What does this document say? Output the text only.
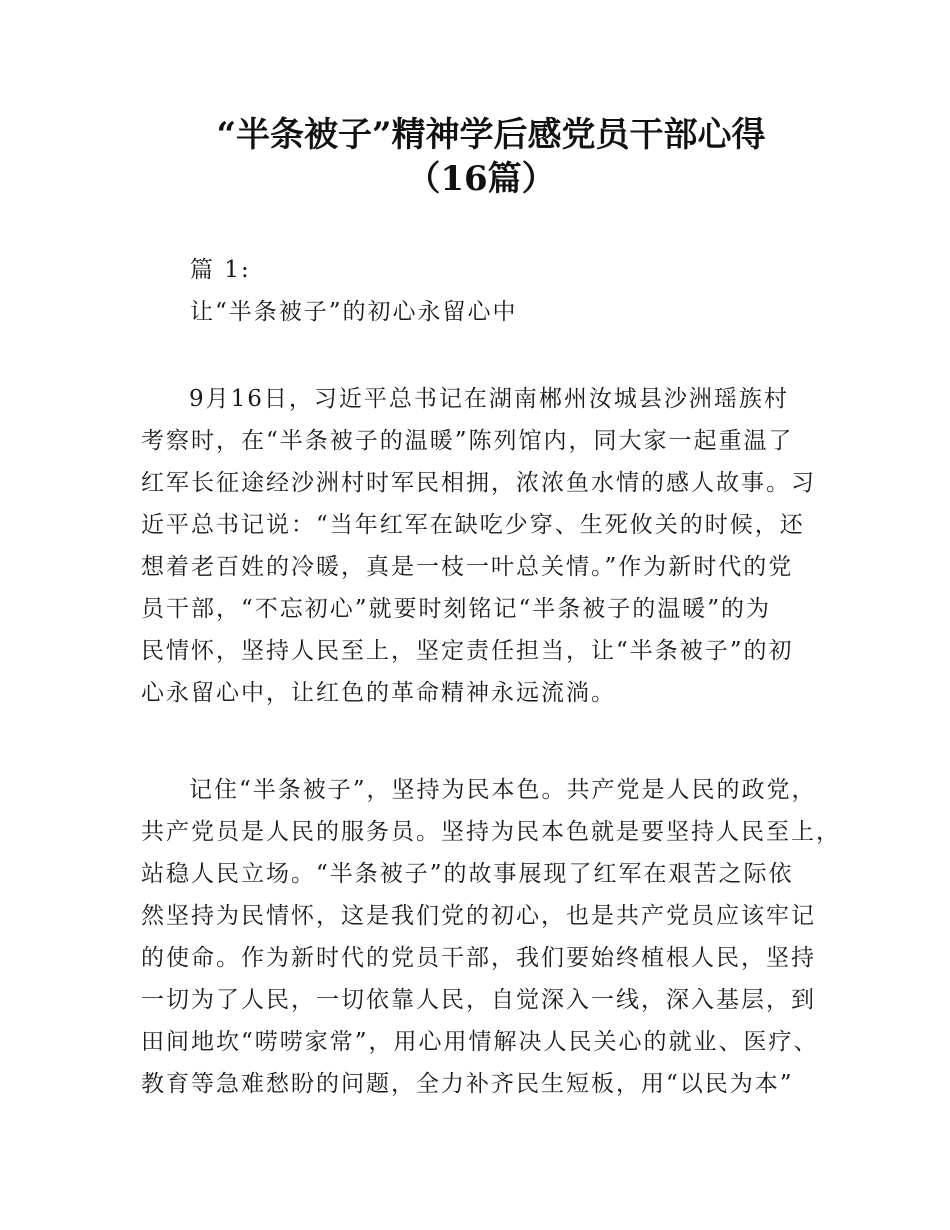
“半条被子”精神学后感党员干部心得
（16篇）
篇 1:
让“半条被子”的初心永留心中
9月16日，习近平总书记在湖南郴州汝城县沙洲瑶族村
考察时，在“半条被子的温暖”陈列馆内，同大家一起重温了
红军长征途经沙洲村时军民相拥，浓浓鱼水情的感人故事。习
近平总书记说：“当年红军在缺吃少穿、生死攸关的时候，还
想着老百姓的冷暖，真是一枝一叶总关情。”作为新时代的党
员干部，“不忘初心”就要时刻铭记“半条被子的温暖”的为
民情怀，坚持人民至上，坚定责任担当，让“半条被子”的初
心永留心中，让红色的革命精神永远流淌。
记住“半条被子”，坚持为民本色。共产党是人民的政党，
共产党员是人民的服务员。坚持为民本色就是要坚持人民至上，
站稳人民立场。“半条被子”的故事展现了红军在艰苦之际依
然坚持为民情怀，这是我们党的初心，也是共产党员应该牢记
的使命。作为新时代的党员干部，我们要始终植根人民，坚持
一切为了人民，一切依靠人民，自觉深入一线，深入基层，到
田间地坎“唠唠家常”，用心用情解决人民关心的就业、医疗、
教育等急难愁盼的问题，全力补齐民生短板，用“以民为本”
